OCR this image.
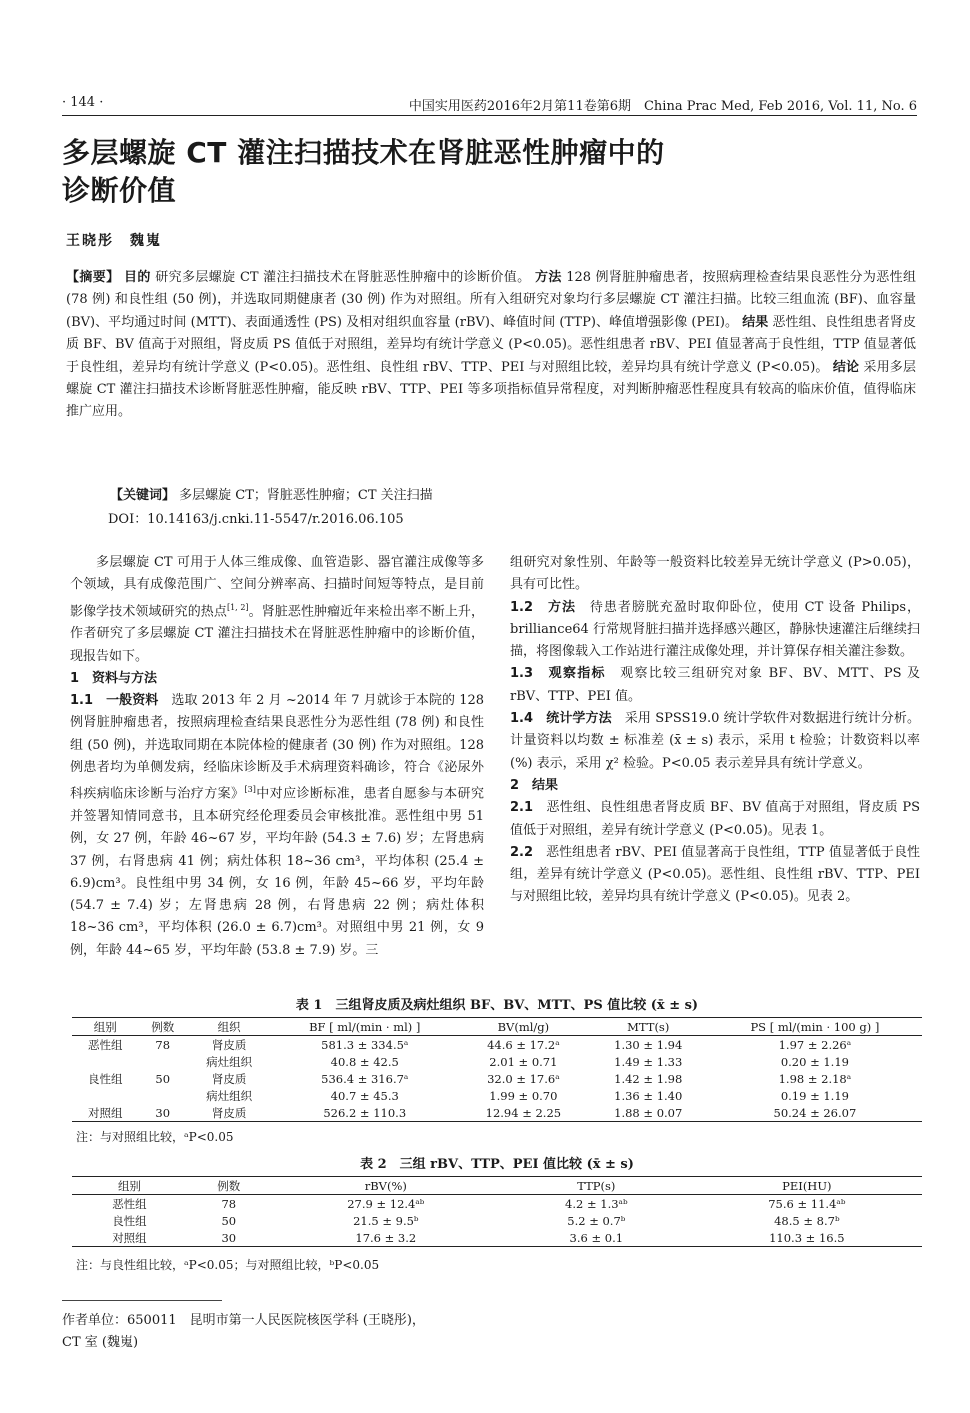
· 144 ·	中国实用医药2016年2月第11卷第6期　China Prac Med, Feb 2016, Vol. 11, No. 6
多层螺旋 CT 灌注扫描技术在肾脏恶性肿瘤中的
诊断价值
王晓彤　魏嵬
【摘要】 目的 研究多层螺旋 CT 灌注扫描技术在肾脏恶性肿瘤中的诊断价值。 方法 128 例肾脏肿瘤患者，按照病理检查结果良恶性分为恶性组 (78 例) 和良性组 (50 例)，并选取同期健康者 (30 例) 作为对照组。所有入组研究对象均行多层螺旋 CT 灌注扫描。比较三组血流 (BF)、血容量 (BV)、平均通过时间 (MTT)、表面通透性 (PS) 及相对组织血容量 (rBV)、峰值时间 (TTP)、峰值增强影像 (PEI)。 结果 恶性组、良性组患者肾皮质 BF、BV 值高于对照组，肾皮质 PS 值低于对照组，差异均有统计学意义 (P<0.05)。恶性组患者 rBV、PEI 值显著高于良性组，TTP 值显著低于良性组，差异均有统计学意义 (P<0.05)。恶性组、良性组 rBV、TTP、PEI 与对照组比较，差异均具有统计学意义 (P<0.05)。 结论 采用多层螺旋 CT 灌注扫描技术诊断肾脏恶性肿瘤，能反映 rBV、TTP、PEI 等多项指标值异常程度，对判断肿瘤恶性程度具有较高的临床价值，值得临床推广应用。
【关键词】 多层螺旋 CT；肾脏恶性肿瘤；CT 关注扫描
DOI：10.14163/j.cnki.11-5547/r.2016.06.105

多层螺旋 CT 可用于人体三维成像、血管造影、器官灌注成像等多个领域，具有成像范围广、空间分辨率高、扫描时间短等特点，是目前影像学技术领域研究的热点[1, 2]。肾脏恶性肿瘤近年来检出率不断上升，作者研究了多层螺旋 CT 灌注扫描技术在肾脏恶性肿瘤中的诊断价值，现报告如下。

1　资料与方法

1.1　一般资料　 选取 2013 年 2 月 ~2014 年 7 月就诊于本院的 128 例肾脏肿瘤患者，按照病理检查结果良恶性分为恶性组 (78 例) 和良性组 (50 例)，并选取同期在本院体检的健康者 (30 例) 作为对照组。128 例患者均为单侧发病，经临床诊断及手术病理资料确诊，符合《泌尿外科疾病临床诊断与治疗方案》[3]中对应诊断标准，患者自愿参与本研究并签署知情同意书，且本研究经伦理委员会审核批准。恶性组中男 51 例，女 27 例，年龄 46~67 岁，平均年龄 (54.3 ± 7.6) 岁；左肾患病 37 例，右肾患病 41 例；病灶体积 18~36 cm³，平均体积 (25.4 ± 6.9)cm³。良性组中男 34 例，女 16 例，年龄 45~66 岁，平均年龄 (54.7 ± 7.4) 岁；左肾患病 28 例，右肾患病 22 例；病灶体积 18~36 cm³，平均体积 (26.0 ± 6.7)cm³。对照组中男 21 例，女 9 例，年龄 44~65 岁，平均年龄 (53.8 ± 7.9) 岁。三

组研究对象性别、年龄等一般资料比较差异无统计学意义 (P>0.05)，具有可比性。

1.2　方法　 待患者膀胱充盈时取仰卧位，使用 CT 设备 Philips，brilliance64 行常规肾脏扫描并选择感兴趣区，静脉快速灌注后继续扫描，将图像载入工作站进行灌注成像处理，并计算保存相关灌注参数。

1.3　观察指标　 观察比较三组研究对象 BF、BV、MTT、PS 及 rBV、TTP、PEI 值。

1.4　统计学方法　 采用 SPSS19.0 统计学软件对数据进行统计分析。计量资料以均数 ± 标准差 (x̄ ± s) 表示，采用 t 检验；计数资料以率 (%) 表示，采用 χ² 检验。P<0.05 表示差异具有统计学意义。

2　结果

2.1　 恶性组、良性组患者肾皮质 BF、BV 值高于对照组，肾皮质 PS 值低于对照组，差异有统计学意义 (P<0.05)。见表 1。

2.2　 恶性组患者 rBV、PEI 值显著高于良性组，TTP 值显著低于良性组，差异有统计学意义 (P<0.05)。恶性组、良性组 rBV、TTP、PEI 与对照组比较，差异均具有统计学意义 (P<0.05)。见表 2。

表 1　三组肾皮质及病灶组织 BF、BV、MTT、PS 值比较 (x̄ ± s)
组别	例数	组织	BF [ ml/(min · ml) ]	BV(ml/g)	MTT(s)	PS [ ml/(min · 100 g) ]
恶性组	78	肾皮质	581.3 ± 334.5ᵃ	44.6 ± 17.2ᵃ	1.30 ± 1.94	1.97 ± 2.26ᵃ
		病灶组织	40.8 ± 42.5	2.01 ± 0.71	1.49 ± 1.33	0.20 ± 1.19
良性组	50	肾皮质	536.4 ± 316.7ᵃ	32.0 ± 17.6ᵃ	1.42 ± 1.98	1.98 ± 2.18ᵃ
		病灶组织	40.7 ± 45.3	1.99 ± 0.70	1.36 ± 1.40	0.19 ± 1.19
对照组	30	肾皮质	526.2 ± 110.3	12.94 ± 2.25	1.88 ± 0.07	50.24 ± 26.07
注：与对照组比较，ᵃP<0.05
表 2　三组 rBV、TTP、PEI 值比较 (x̄ ± s)
组别	例数	rBV(%)	TTP(s)	PEI(HU)
恶性组	78	27.9 ± 12.4ᵃᵇ	4.2 ± 1.3ᵃᵇ	75.6 ± 11.4ᵃᵇ
良性组	50	21.5 ± 9.5ᵇ	5.2 ± 0.7ᵇ	48.5 ± 8.7ᵇ
对照组	30	17.6 ± 3.2	3.6 ± 0.1	110.3 ± 16.5
注：与良性组比较，ᵃP<0.05；与对照组比较，ᵇP<0.05
作者单位：650011　昆明市第一人民医院核医学科 (王晓彤)，
CT 室 (魏嵬)
